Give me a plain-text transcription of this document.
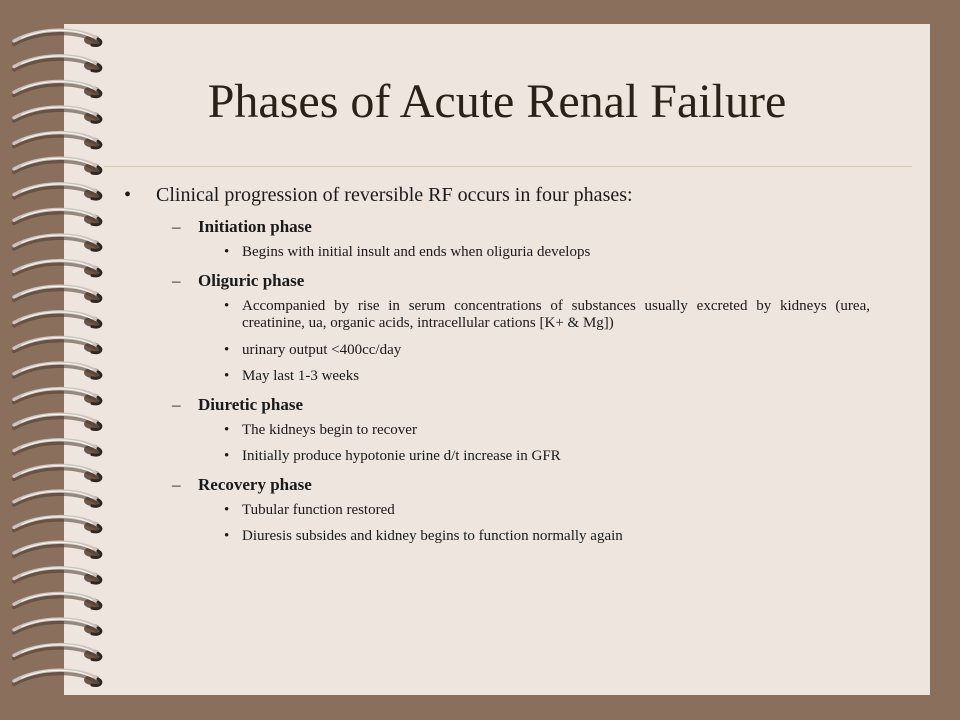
Phases of Acute Renal Failure
• Clinical progression of reversible RF occurs in four phases:
– Initiation phase
• Begins with initial insult and ends when oliguria develops
– Oliguric phase
• Accompanied by rise in serum concentrations of substances usually excreted by kidneys (urea, creatinine, ua, organic acids, intracellular cations [K+ & Mg])
• urinary output <400cc/day
• May last 1-3 weeks
– Diuretic phase
• The kidneys begin to recover
• Initially produce hypotonie urine d/t increase in GFR
– Recovery phase
• Tubular function restored
• Diuresis subsides and kidney begins to function normally again
